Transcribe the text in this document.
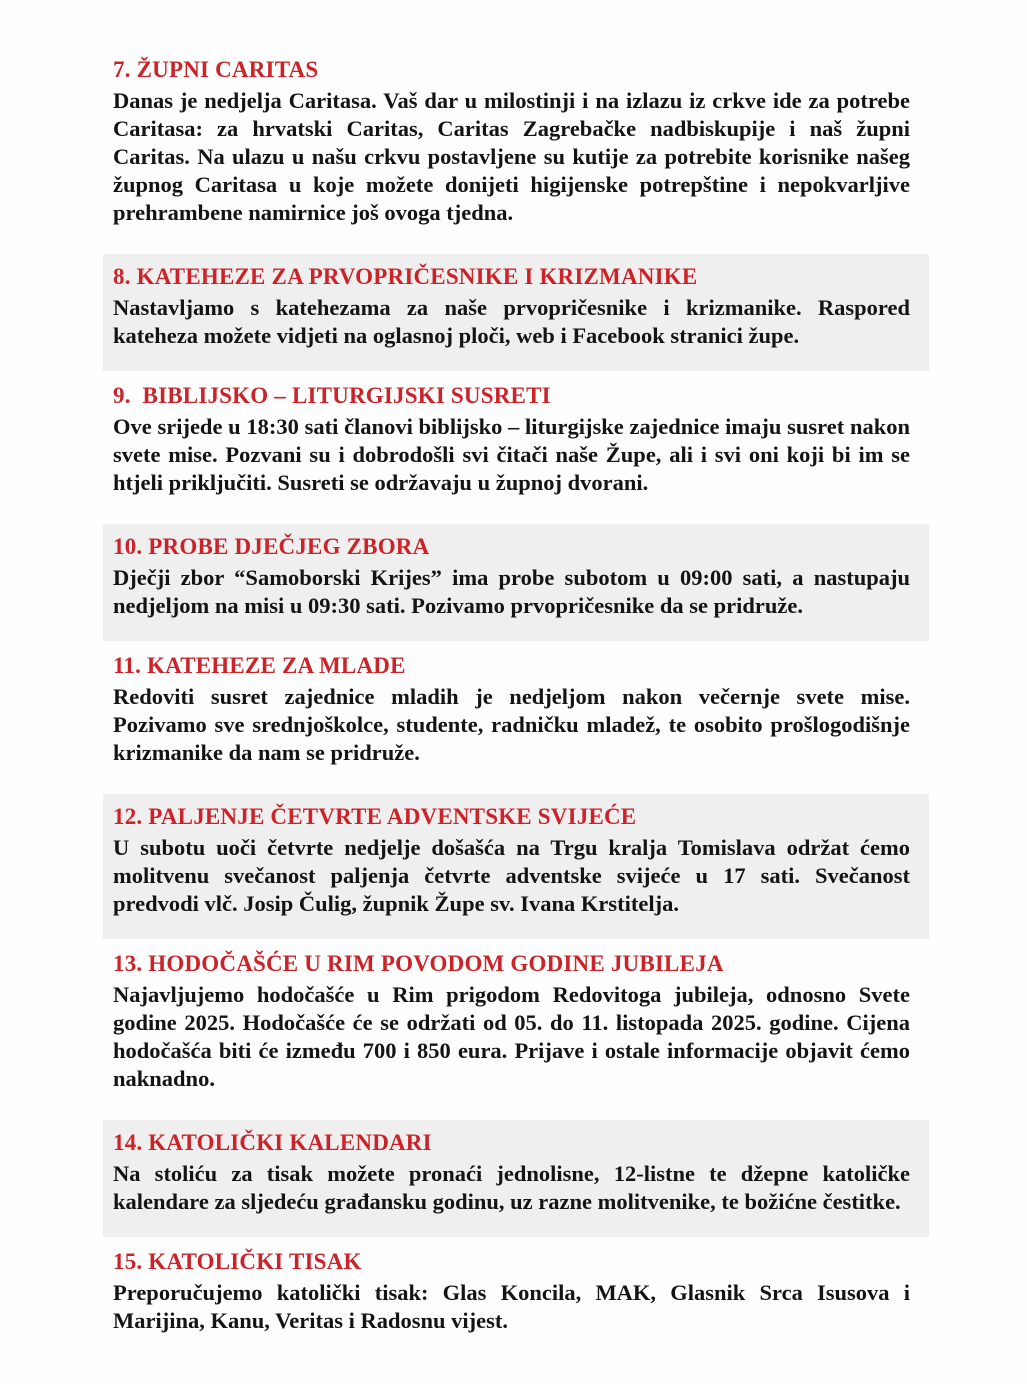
7. ŽUPNI CARITAS

Danas je nedjelja Caritasa. Vaš dar u milostinji i na izlazu iz crkve ide za potrebe Caritasa: za hrvatski Caritas, Caritas Zagrebačke nadbiskupije i naš župni Caritas. Na ulazu u našu crkvu postavljene su kutije za potrebite korisnike našeg župnog Caritasa u koje možete donijeti higijenske potrepštine i nepokvarljive prehrambene namirnice još ovoga tjedna.

8. KATEHEZE ZA PRVOPRIČESNIKE I KRIZMANIKE

Nastavljamo s katehezama za naše prvopričesnike i krizmanike. Raspored kateheza možete vidjeti na oglasnoj ploči, web i Facebook stranici župe.

9.  BIBLIJSKO – LITURGIJSKI SUSRETI

Ove srijede u 18:30 sati članovi biblijsko – liturgijske zajednice imaju susret nakon svete mise. Pozvani su i dobrodošli svi čitači naše Župe, ali i svi oni koji bi im se htjeli priključiti. Susreti se održavaju u župnoj dvorani.

10. PROBE DJEČJEG ZBORA

Dječji zbor “Samoborski Krijes” ima probe subotom u 09:00 sati, a nastupaju nedjeljom na misi u 09:30 sati. Pozivamo prvopričesnike da se pridruže.

11. KATEHEZE ZA MLADE

Redoviti susret zajednice mladih je nedjeljom nakon večernje svete mise. Pozivamo sve srednjoškolce, studente, radničku mladež, te osobito prošlogodišnje krizmanike da nam se pridruže.

12. PALJENJE ČETVRTE ADVENTSKE SVIJEĆE

U subotu uoči četvrte nedjelje došašća na Trgu kralja Tomislava održat ćemo molitvenu svečanost paljenja četvrte adventske svijeće u 17 sati. Svečanost predvodi vlč. Josip Čulig, župnik Župe sv. Ivana Krstitelja.

13. HODOČAŠĆE U RIM POVODOM GODINE JUBILEJA

Najavljujemo hodočašće u Rim prigodom Redovitoga jubileja, odnosno Svete godine 2025. Hodočašće će se održati od 05. do 11. listopada 2025. godine. Cijena hodočašća biti će između 700 i 850 eura. Prijave i ostale informacije objavit ćemo naknadno.

14. KATOLIČKI KALENDARI

Na stoliću za tisak možete pronaći jednolisne, 12-listne te džepne katoličke kalendare za sljedeću građansku godinu, uz razne molitvenike, te božićne čestitke.

15. KATOLIČKI TISAK

Preporučujemo katolički tisak: Glas Koncila, MAK, Glasnik Srca Isusova i Marijina, Kanu, Veritas i Radosnu vijest.
